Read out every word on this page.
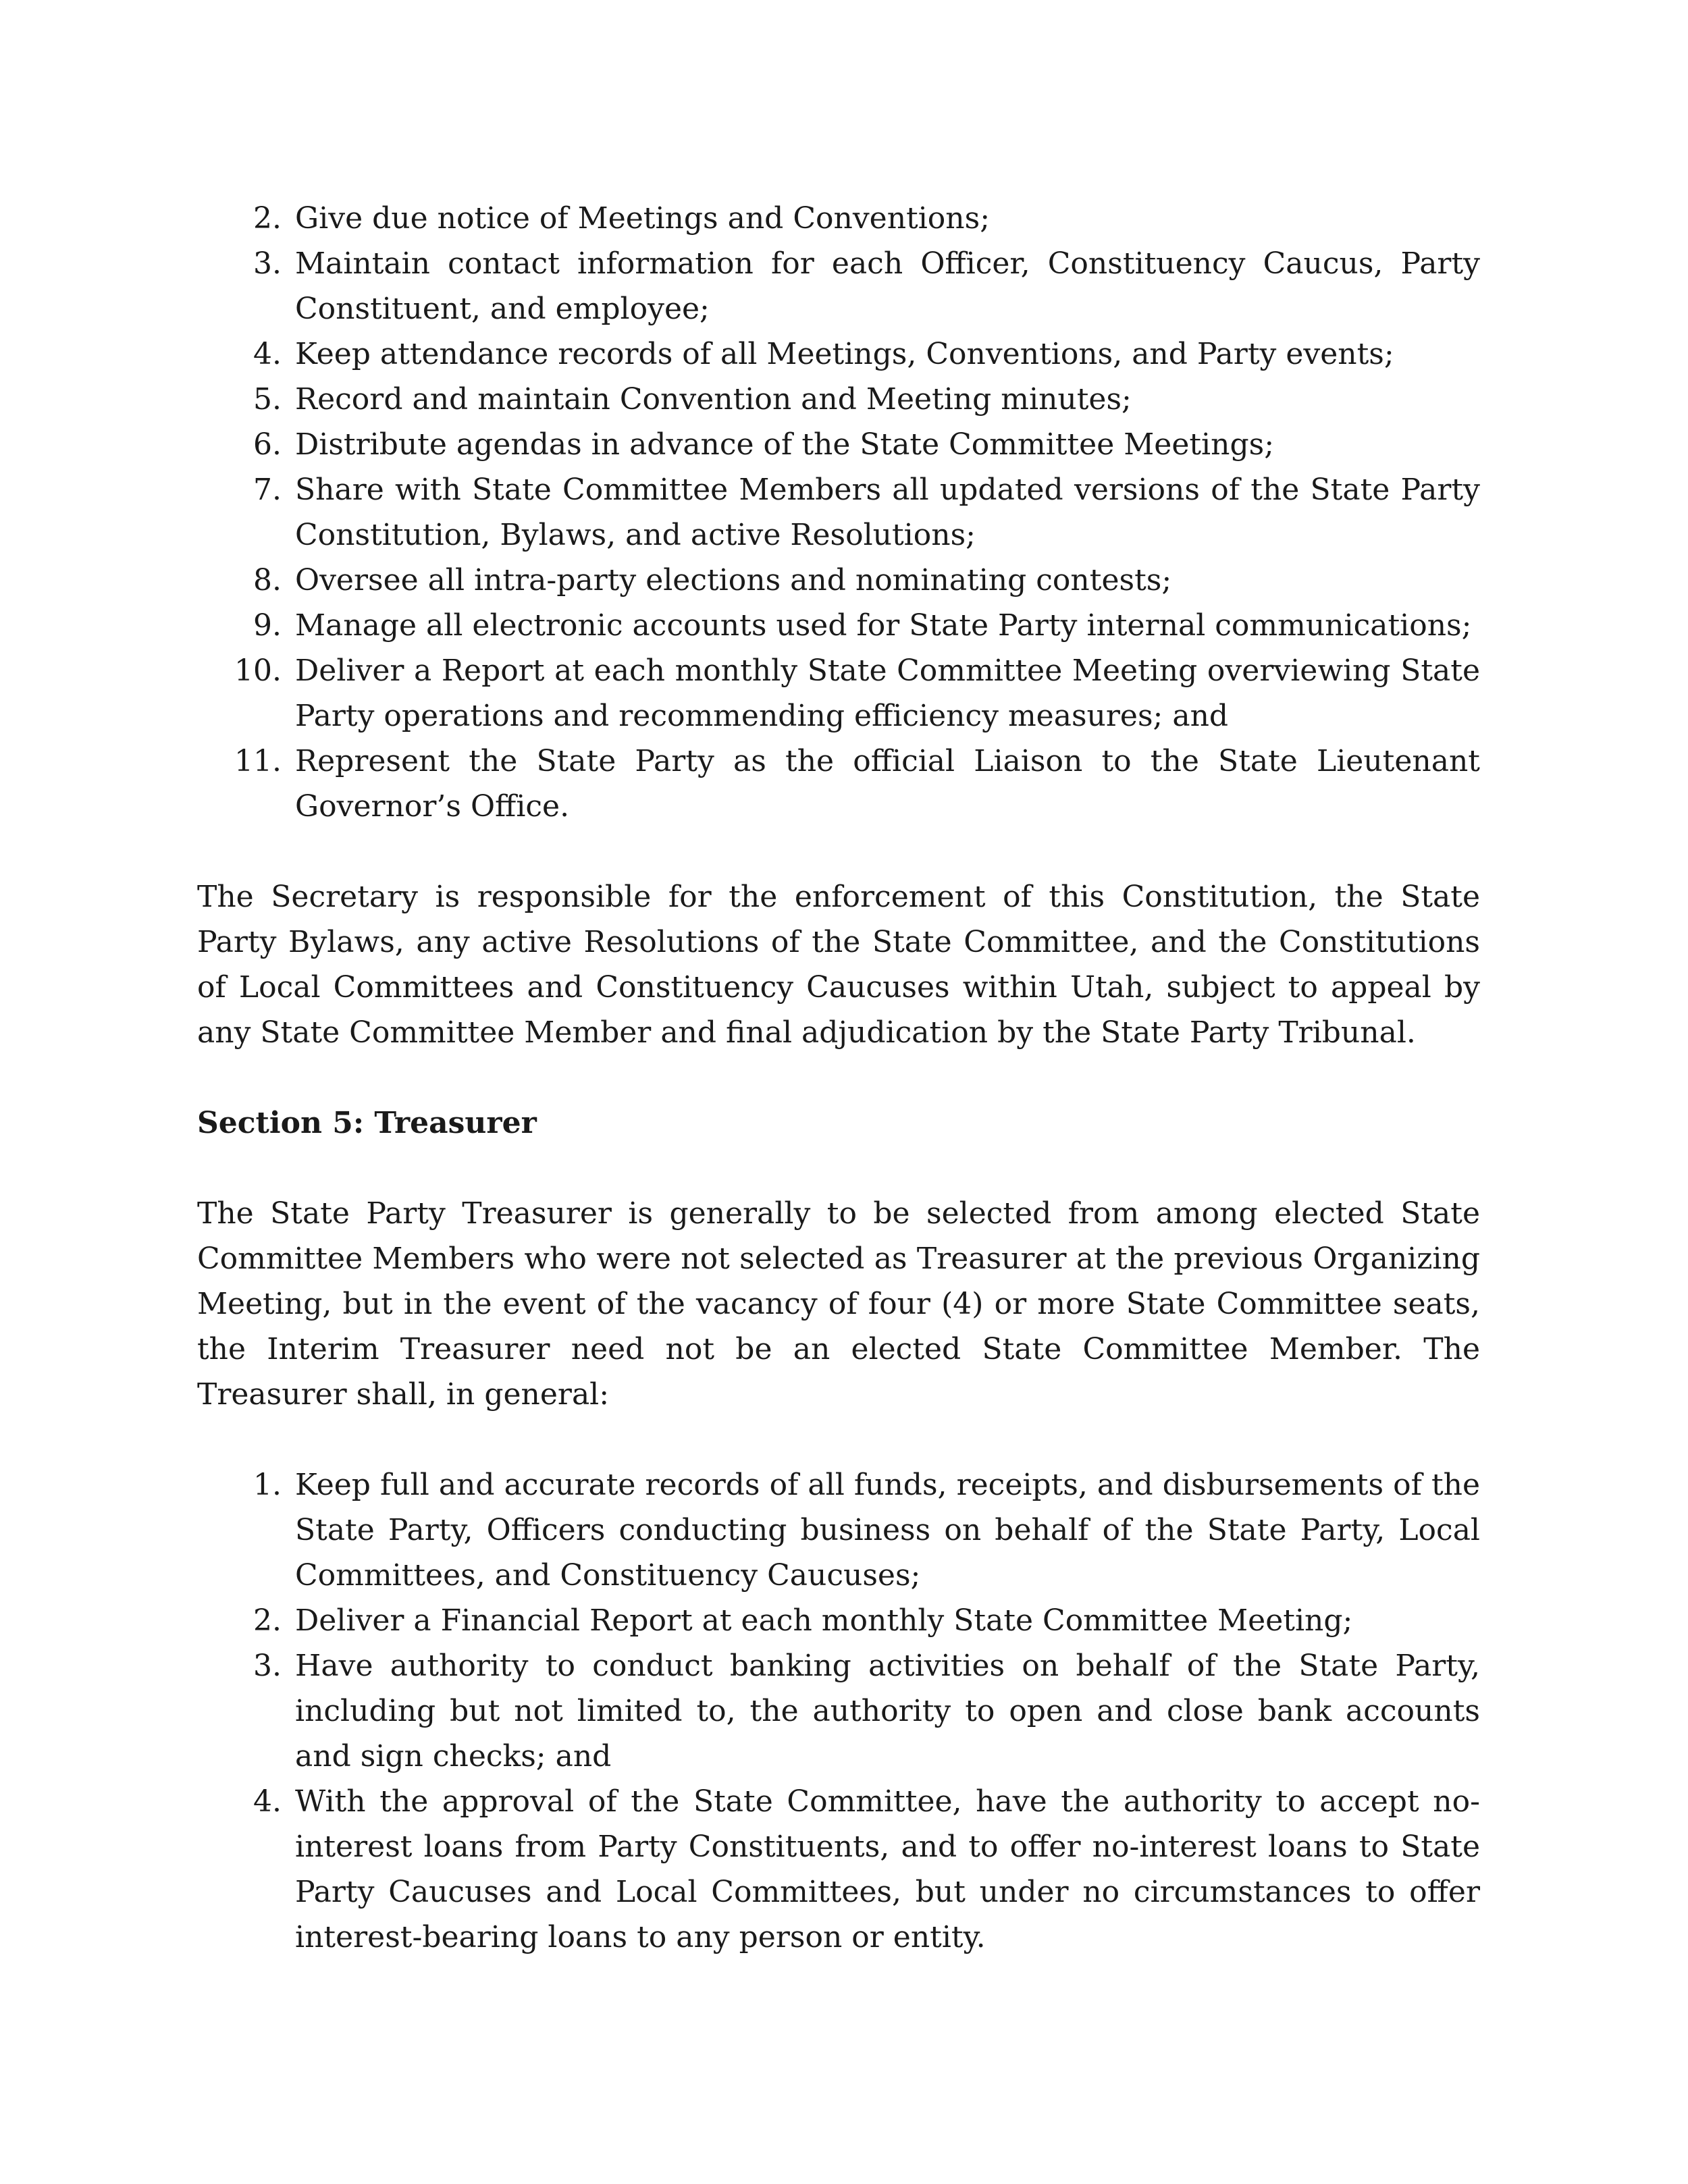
2. Give due notice of Meetings and Conventions;
3. Maintain contact information for each Officer, Constituency Caucus, Party Constituent, and employee;
4. Keep attendance records of all Meetings, Conventions, and Party events;
5. Record and maintain Convention and Meeting minutes;
6. Distribute agendas in advance of the State Committee Meetings;
7. Share with State Committee Members all updated versions of the State Party Constitution, Bylaws, and active Resolutions;
8. Oversee all intra-party elections and nominating contests;
9. Manage all electronic accounts used for State Party internal communications;
10. Deliver a Report at each monthly State Committee Meeting overviewing State Party operations and recommending efficiency measures; and
11. Represent the State Party as the official Liaison to the State Lieutenant Governor’s Office.

The Secretary is responsible for the enforcement of this Constitution, the State Party Bylaws, any active Resolutions of the State Committee, and the Constitutions of Local Committees and Constituency Caucuses within Utah, subject to appeal by any State Committee Member and final adjudication by the State Party Tribunal.

Section 5: Treasurer

The State Party Treasurer is generally to be selected from among elected State Committee Members who were not selected as Treasurer at the previous Organizing Meeting, but in the event of the vacancy of four (4) or more State Committee seats, the Interim Treasurer need not be an elected State Committee Member. The Treasurer shall, in general:

1. Keep full and accurate records of all funds, receipts, and disbursements of the State Party, Officers conducting business on behalf of the State Party, Local Committees, and Constituency Caucuses;
2. Deliver a Financial Report at each monthly State Committee Meeting;
3. Have authority to conduct banking activities on behalf of the State Party, including but not limited to, the authority to open and close bank accounts and sign checks; and
4. With the approval of the State Committee, have the authority to accept no-interest loans from Party Constituents, and to offer no-interest loans to State Party Caucuses and Local Committees, but under no circumstances to offer interest-bearing loans to any person or entity.
